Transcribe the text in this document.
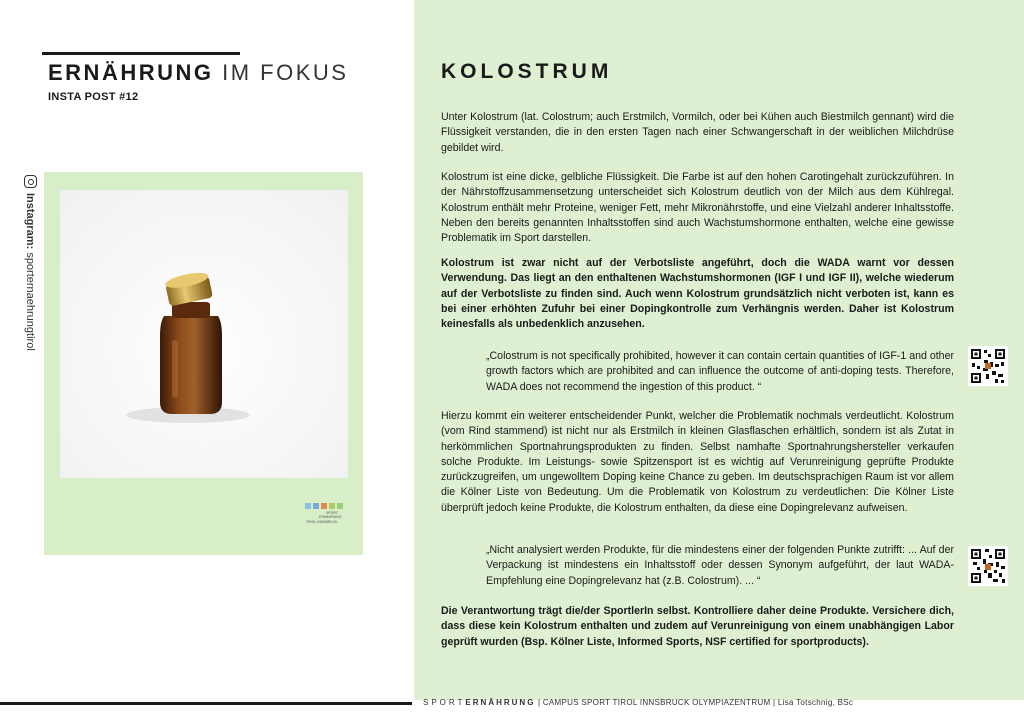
ERNÄHRUNG IM FOKUS
INSTA POST #12
Instagram: sporternaehrungtirol
SPORT
ERNÄHRUNG
TIROL INNSBRUCK
KOLOSTRUM

Unter Kolostrum (lat. Colostrum; auch Erstmilch, Vormilch, oder bei Kühen auch Biestmilch gennant) wird die Flüssigkeit verstanden, die in den ersten Tagen nach einer Schwangerschaft in der weiblichen Milchdrüse gebildet wird.

Kolostrum ist eine dicke, gelbliche Flüssigkeit. Die Farbe ist auf den hohen Carotingehalt zurückzuführen. In der Nährstoffzusammensetzung unterscheidet sich Kolostrum deutlich von der Milch aus dem Kühlregal. Kolostrum enthält mehr Proteine, weniger Fett, mehr Mikronährstoffe, und eine Vielzahl anderer Inhaltsstoffe. Neben den bereits genannten Inhaltsstoffen sind auch Wachstumshormone enthalten, welche eine gewisse Problematik im Sport darstellen.

Kolostrum ist zwar nicht auf der Verbotsliste angeführt, doch die WADA warnt vor dessen Verwendung. Das liegt an den enthaltenen Wachstumshormonen (IGF I und IGF II), welche wiederum auf der Verbotsliste zu finden sind. Auch wenn Kolostrum grundsätzlich nicht verboten ist, kann es bei einer erhöhten Zufuhr bei einer Dopingkontrolle zum Verhängnis werden. Daher ist Kolostrum keinesfalls als unbedenklich anzusehen.

„Colostrum is not specifically prohibited, however it can contain certain quantities of IGF-1 and other growth factors which are prohibited and can influence the outcome of anti-doping tests. Therefore, WADA does not recommend the ingestion of this product. “

Hierzu kommt ein weiterer entscheidender Punkt, welcher die Problematik nochmals verdeutlicht. Kolostrum (vom Rind stammend) ist nicht nur als Erstmilch in kleinen Glasflaschen erhältlich, sondern ist als Zutat in herkömmlichen Sportnahrungsprodukten zu finden. Selbst namhafte Sportnahrungshersteller verkaufen solche Produkte. Im Leistungs- sowie Spitzensport ist es wichtig auf Verunreinigung geprüfte Produkte zurückzugreifen, um ungewolltem Doping keine Chance zu geben. Im deutschsprachigen Raum ist vor allem die Kölner Liste von Bedeutung. Um die Problematik von Kolostrum zu verdeutlichen: Die Kölner Liste überprüft jedoch keine Produkte, die Kolostrum enthalten, da diese eine Dopingrelevanz aufweisen.

„Nicht analysiert werden Produkte, für die mindestens einer der folgenden Punkte zutrifft: ... Auf der Verpackung ist mindestens ein Inhaltsstoff oder dessen Synonym aufgeführt, der laut WADA-Empfehlung eine Dopingrelevanz hat (z.B. Colostrum). ... “

Die Verantwortung trägt die/der SportlerIn selbst. Kontrolliere daher deine Produkte. Versichere dich, dass diese kein Kolostrum enthalten und zudem auf Verunreinigung von einem unabhängigen Labor geprüft wurden (Bsp. Kölner Liste, Informed Sports, NSF certified for sportproducts).

SPORTERNÄHRUNG | CAMPUS SPORT TIROL INNSBRUCK OLYMPIAZENTRUM | Lisa Totschnig, BSc
